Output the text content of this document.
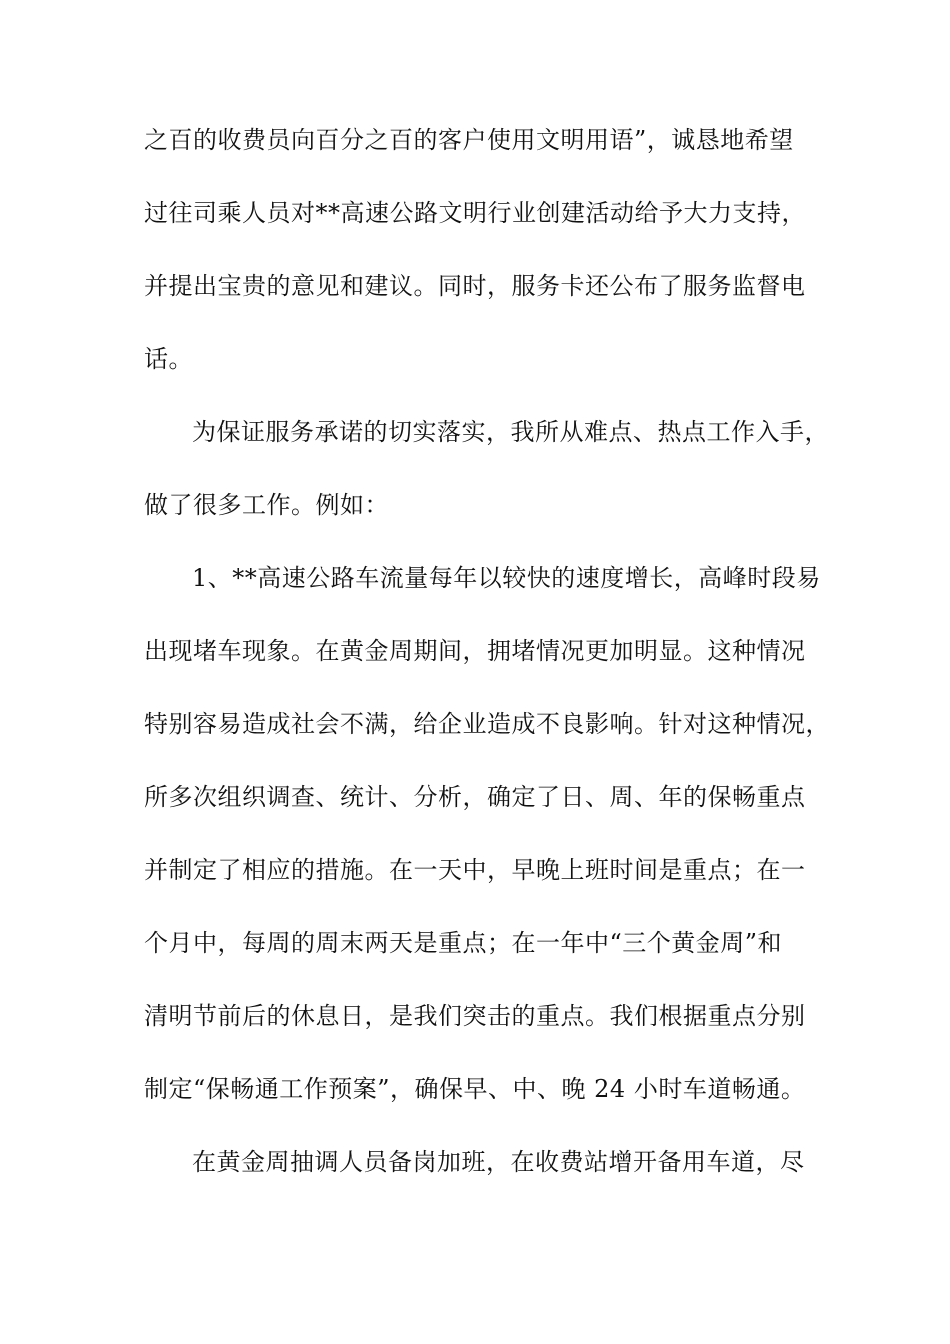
之百的收费员向百分之百的客户使用文明用语”，诚恳地希望
过往司乘人员对**高速公路文明行业创建活动给予大力支持，
并提出宝贵的意见和建议。同时，服务卡还公布了服务监督电
话。
为保证服务承诺的切实落实，我所从难点、热点工作入手，
做了很多工作。例如：
1、**高速公路车流量每年以较快的速度增长，高峰时段易
出现堵车现象。在黄金周期间，拥堵情况更加明显。这种情况
特别容易造成社会不满，给企业造成不良影响。针对这种情况，
所多次组织调查、统计、分析，确定了日、周、年的保畅重点
并制定了相应的措施。在一天中，早晚上班时间是重点；在一
个月中，每周的周末两天是重点；在一年中“三个黄金周”和
清明节前后的休息日，是我们突击的重点。我们根据重点分别
制定“保畅通工作预案”，确保早、中、晚 24 小时车道畅通。
在黄金周抽调人员备岗加班，在收费站增开备用车道，尽
